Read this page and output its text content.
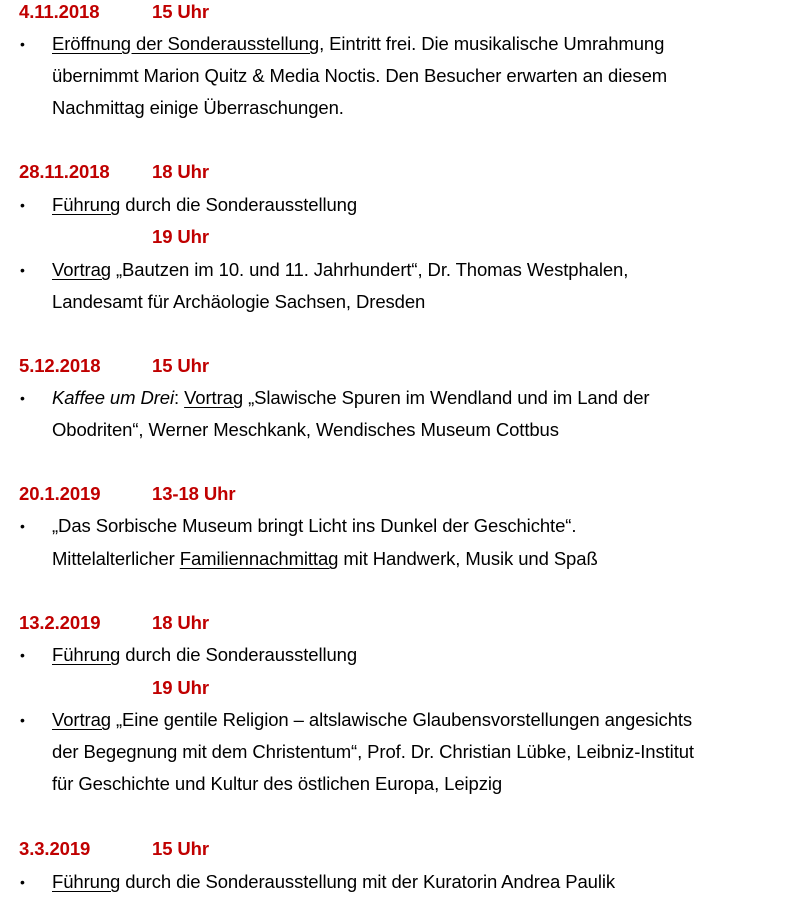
4.11.2018	15 Uhr
• Eröffnung der Sonderausstellung, Eintritt frei. Die musikalische Umrahmung
übernimmt Marion Quitz & Media Noctis. Den Besucher erwarten an diesem
Nachmittag einige Überraschungen.
28.11.2018 18 Uhr
• Führung durch die Sonderausstellung
19 Uhr
• Vortrag „Bautzen im 10. und 11. Jahrhundert“, Dr. Thomas Westphalen,
Landesamt für Archäologie Sachsen, Dresden
5.12.2018	15 Uhr
• Kaffee um Drei: Vortrag „Slawische Spuren im Wendland und im Land der
Obodriten“, Werner Meschkank, Wendisches Museum Cottbus
20.1.2019	13-18 Uhr
• „Das Sorbische Museum bringt Licht ins Dunkel der Geschichte“.
Mittelalterlicher Familiennachmittag mit Handwerk, Musik und Spaß
13.2.2019	18 Uhr
• Führung durch die Sonderausstellung
19 Uhr
• Vortrag „Eine gentile Religion – altslawische Glaubensvorstellungen angesichts
der Begegnung mit dem Christentum“, Prof. Dr. Christian Lübke, Leibniz-Institut
für Geschichte und Kultur des östlichen Europa, Leipzig
3.3.2019	15 Uhr
• Führung durch die Sonderausstellung mit der Kuratorin Andrea Paulik
